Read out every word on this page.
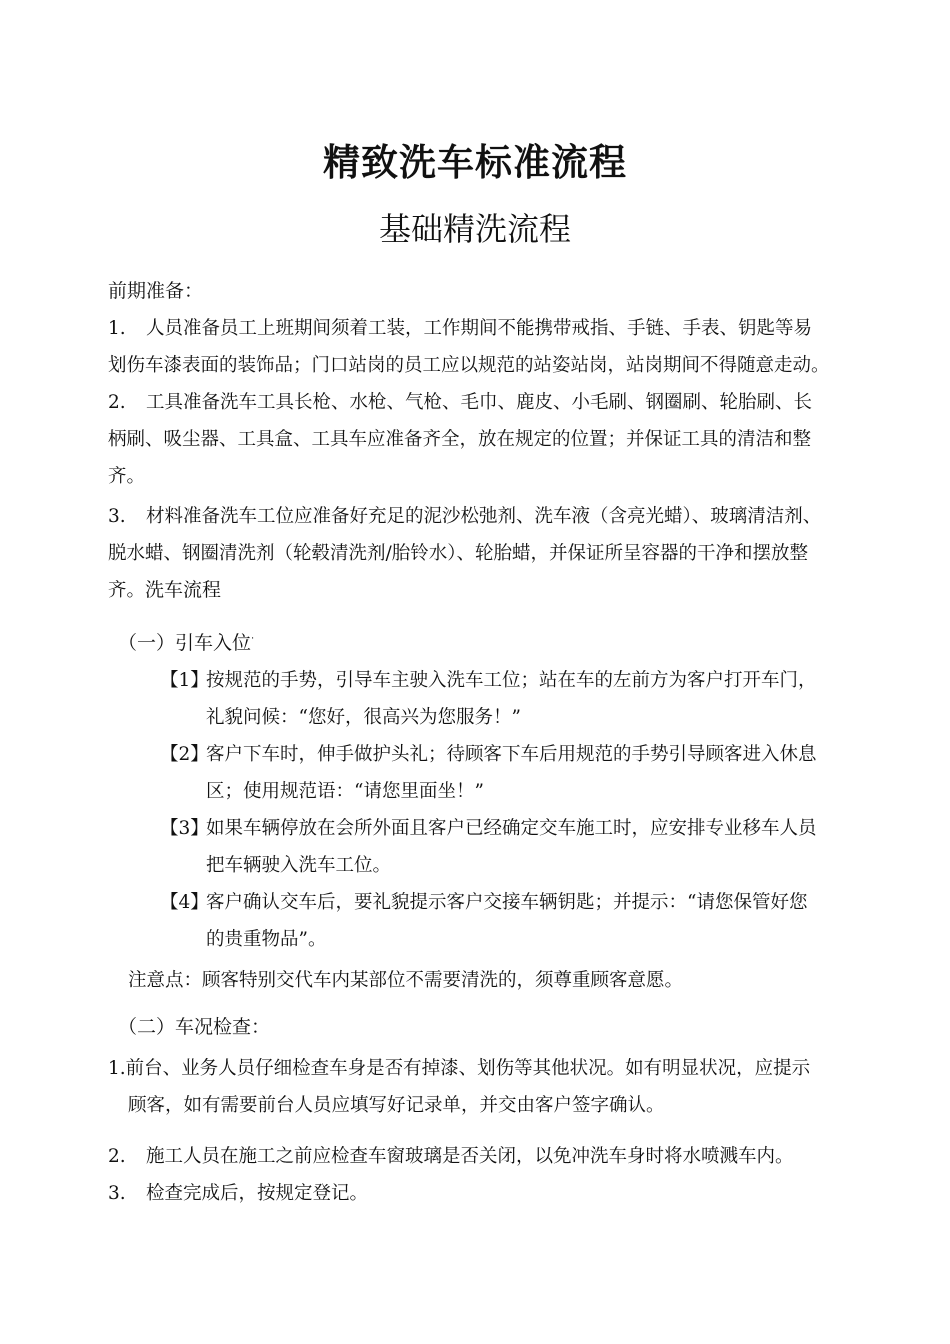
精致洗车标准流程
基础精洗流程
前期准备：
1. 人员准备员工上班期间须着工装，工作期间不能携带戒指、手链、手表、钥匙等易
划伤车漆表面的装饰品；门口站岗的员工应以规范的站姿站岗，站岗期间不得随意走动。
2. 工具准备洗车工具长枪、水枪、气枪、毛巾、鹿皮、小毛刷、钢圈刷、轮胎刷、长
柄刷、吸尘器、工具盒、工具车应准备齐全，放在规定的位置；并保证工具的清洁和整
齐。
3. 材料准备洗车工位应准备好充足的泥沙松弛剂、洗车液（含亮光蜡）、玻璃清洁剂、
脱水蜡、钢圈清洗剂（轮毂清洗剂/胎铃水）、轮胎蜡，并保证所呈容器的干净和摆放整
齐。洗车流程
（一）引车入位·
【1】按规范的手势，引导车主驶入洗车工位；站在车的左前方为客户打开车门，
礼貌问候：“您好，很高兴为您服务！”
【2】客户下车时，伸手做护头礼；待顾客下车后用规范的手势引导顾客进入休息
区；使用规范语：“请您里面坐！”
【3】如果车辆停放在会所外面且客户已经确定交车施工时，应安排专业移车人员
把车辆驶入洗车工位。
【4】客户确认交车后，要礼貌提示客户交接车辆钥匙；并提示：“请您保管好您
的贵重物品”。
注意点：顾客特别交代车内某部位不需要清洗的，须尊重顾客意愿。
（二）车况检查：
1.前台、业务人员仔细检查车身是否有掉漆、划伤等其他状况。如有明显状况，应提示
顾客，如有需要前台人员应填写好记录单，并交由客户签字确认。
2. 施工人员在施工之前应检查车窗玻璃是否关闭，以免冲洗车身时将水喷溅车内。
3. 检查完成后，按规定登记。
